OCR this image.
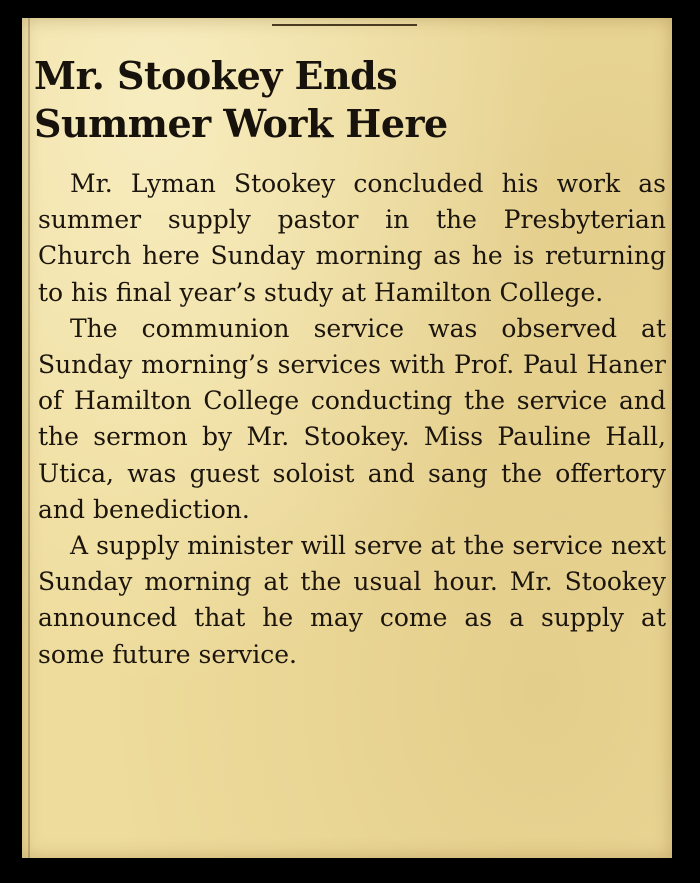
Mr. Stookey Ends
Summer Work Here

Mr. Lyman Stookey concluded his work as summer supply pastor in the Presbyterian Church here Sunday morning as he is returning to his final year’s study at Hamilton College.

The communion service was observed at Sunday morning’s services with Prof. Paul Haner of Hamilton College conducting the service and the sermon by Mr. Stookey. Miss Pauline Hall, Utica, was guest soloist and sang the offertory and benediction.

A supply minister will serve at the service next Sunday morning at the usual hour. Mr. Stookey announced that he may come as a supply at some future service.
